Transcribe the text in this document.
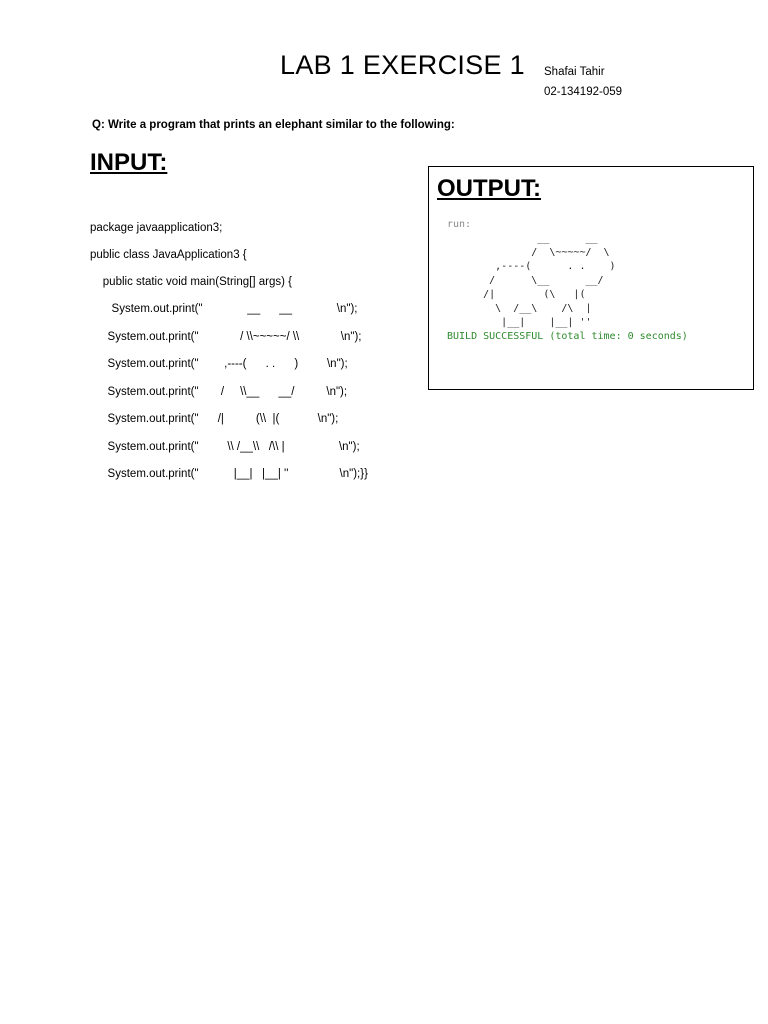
LAB 1 EXERCISE 1 Shafai Tahir
02-134192-059
Q: Write a program that prints an elephant similar to the following:
INPUT:
package javaapplication3;
public class JavaApplication3 {
public static void main(String[] args) {
System.out.print("              __      __              \n");
System.out.print("             / \\~~~~~/ \\             \n");
System.out.print("        ,----(      . .      )         \n");
System.out.print("       /     \\__      __/          \n");
System.out.print("      /|          (\\  |(            \n");
System.out.print("         \\ /__\\   /\\ |                 \n");
System.out.print("           |__|   |__| ''                \n");}}
OUTPUT:
run:
__      __
/  \~~~~~/  \
,----(      . .    )
/      \__      __/
/|        (\   |(
\  /__\    /\  |
|__|    |__| ''
BUILD SUCCESSFUL (total time: 0 seconds)
